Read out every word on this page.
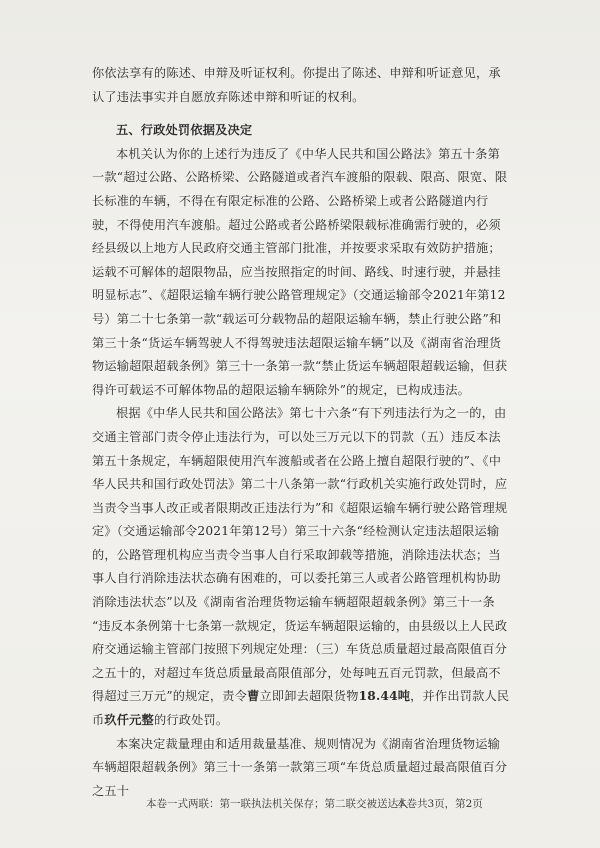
你依法享有的陈述、申辩及听证权利。你提出了陈述、申辩和听证意见，承认了违法事实并自愿放弃陈述申辩和听证的权利。

五、行政处罚依据及决定

本机关认为你的上述行为违反了《中华人民共和国公路法》第五十条第一款“超过公路、公路桥梁、公路隧道或者汽车渡船的限载、限高、限宽、限长标准的车辆，不得在有限定标准的公路、公路桥梁上或者公路隧道内行驶，不得使用汽车渡船。超过公路或者公路桥梁限载标准确需行驶的，必须经县级以上地方人民政府交通主管部门批准，并按要求采取有效防护措施；运载不可解体的超限物品，应当按照指定的时间、路线、时速行驶，并悬挂明显标志”、《超限运输车辆行驶公路管理规定》（交通运输部令2021年第12号）第二十七条第一款“载运可分载物品的超限运输车辆，禁止行驶公路”和第三十条“货运车辆驾驶人不得驾驶违法超限运输车辆”以及《湖南省治理货物运输超限超载条例》第三十一条第一款“禁止货运车辆超限超载运输，但获得许可载运不可解体物品的超限运输车辆除外”的规定，已构成违法。

根据《中华人民共和国公路法》第七十六条“有下列违法行为之一的，由交通主管部门责令停止违法行为，可以处三万元以下的罚款（五）违反本法第五十条规定，车辆超限使用汽车渡船或者在公路上擅自超限行驶的”、《中华人民共和国行政处罚法》第二十八条第一款“行政机关实施行政处罚时，应当责令当事人改正或者限期改正违法行为”和《超限运输车辆行驶公路管理规定》（交通运输部令2021年第12号）第三十六条“经检测认定违法超限运输的，公路管理机构应当责令当事人自行采取卸载等措施，消除违法状态；当事人自行消除违法状态确有困难的，可以委托第三人或者公路管理机构协助消除违法状态”以及《湖南省治理货物运输车辆超限超载条例》第三十一条 “违反本条例第十七条第一款规定，货运车辆超限运输的，由县级以上人民政府交通运输主管部门按照下列规定处理：（三）车货总质量超过最高限值百分之五十的，对超过车货总质量最高限值部分，处每吨五百元罚款，但最高不得超过三万元”的规定，责令曹立即卸去超限货物18.44吨，并作出罚款人民币玖仟元整的行政处罚。

本案决定裁量理由和适用裁量基准、规则情况为《湖南省治理货物运输车辆超限超载条例》第三十一条第一款第三项“车货总质量超过最高限值百分之五十

本卷一式两联：第一联执法机关保存；第二联交被送达人
本卷共3页，第2页
